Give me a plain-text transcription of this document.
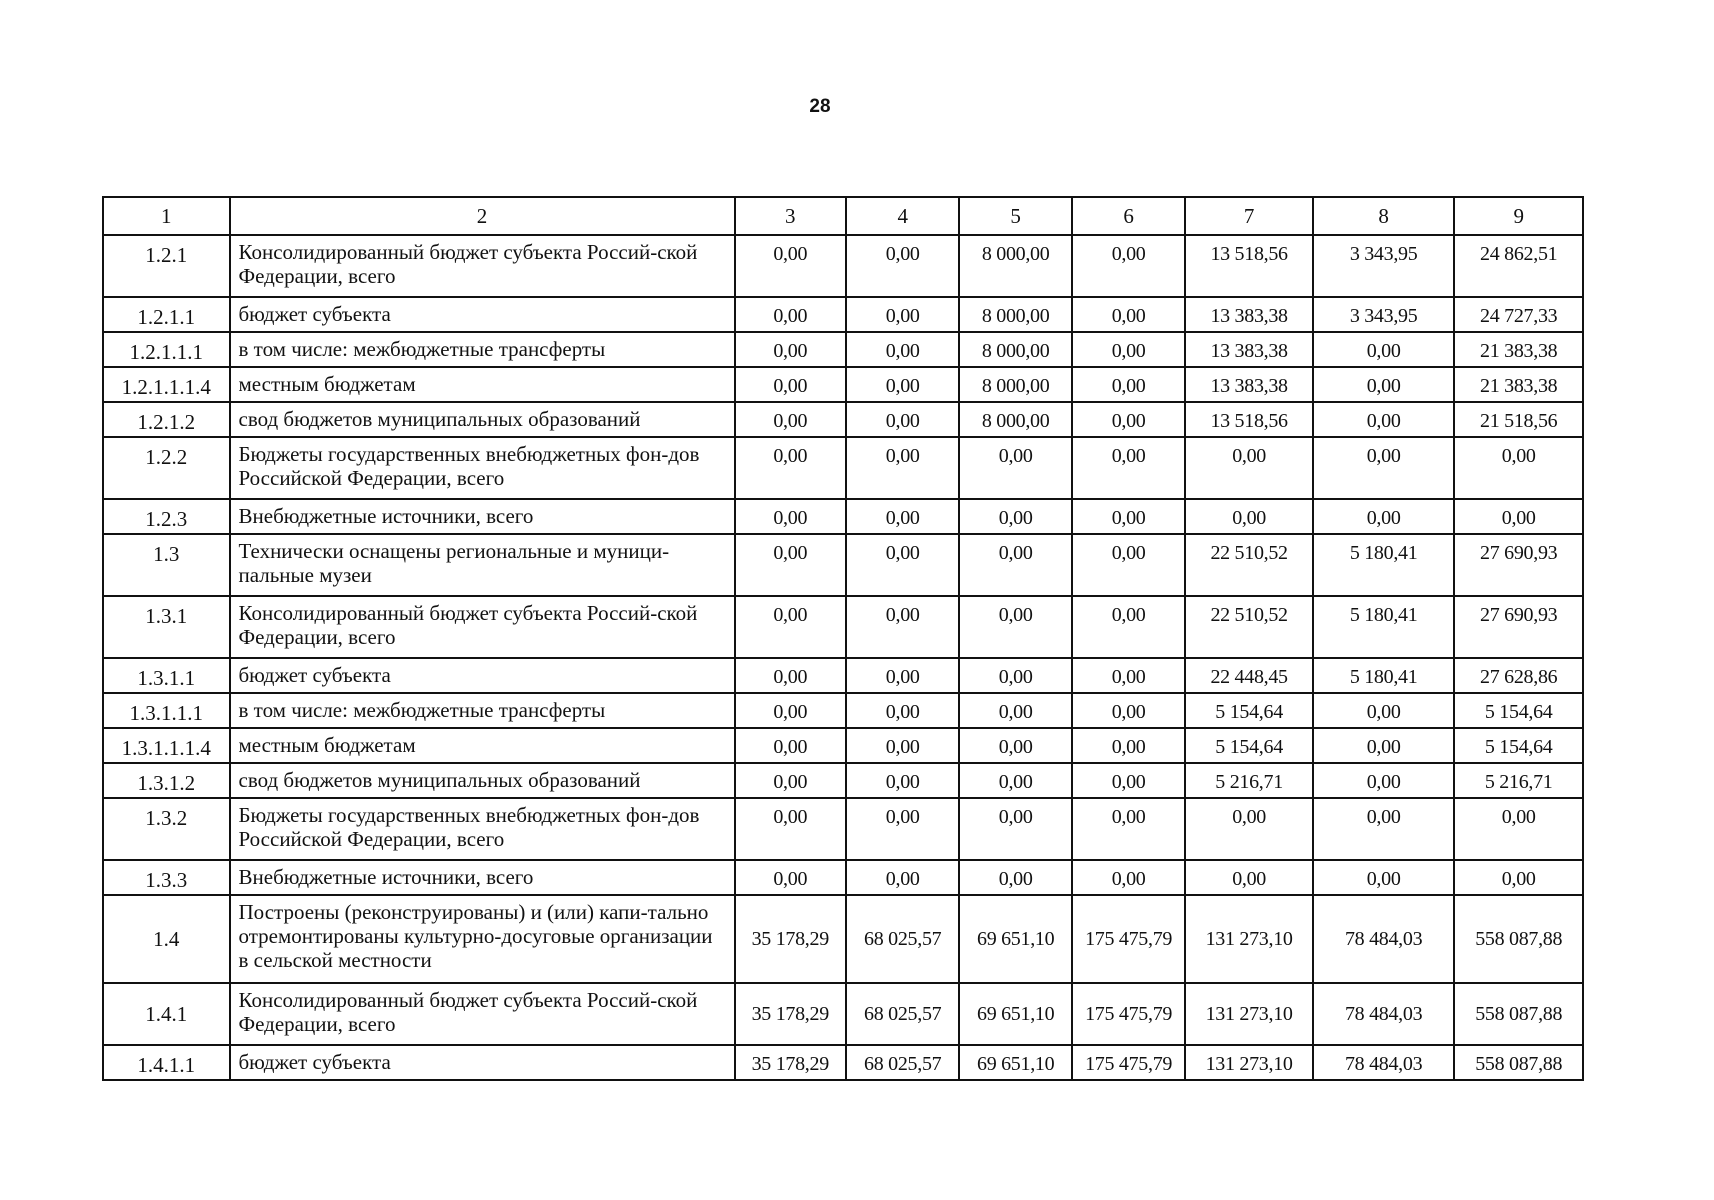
28
1	2	3	4	5	6	7	8	9
1.2.1	Консолидированный бюджет субъекта Россий-ской Федерации, всего	0,00	0,00	8 000,00	0,00	13 518,56	3 343,95	24 862,51
1.2.1.1	бюджет субъекта	0,00	0,00	8 000,00	0,00	13 383,38	3 343,95	24 727,33
1.2.1.1.1	в том числе: межбюджетные трансферты	0,00	0,00	8 000,00	0,00	13 383,38	0,00	21 383,38
1.2.1.1.1.4	местным бюджетам	0,00	0,00	8 000,00	0,00	13 383,38	0,00	21 383,38
1.2.1.2	свод бюджетов муниципальных образований	0,00	0,00	8 000,00	0,00	13 518,56	0,00	21 518,56
1.2.2	Бюджеты государственных внебюджетных фон-дов Российской Федерации, всего	0,00	0,00	0,00	0,00	0,00	0,00	0,00
1.2.3	Внебюджетные источники, всего	0,00	0,00	0,00	0,00	0,00	0,00	0,00
1.3	Технически оснащены региональные и муници-пальные музеи	0,00	0,00	0,00	0,00	22 510,52	5 180,41	27 690,93
1.3.1	Консолидированный бюджет субъекта Россий-ской Федерации, всего	0,00	0,00	0,00	0,00	22 510,52	5 180,41	27 690,93
1.3.1.1	бюджет субъекта	0,00	0,00	0,00	0,00	22 448,45	5 180,41	27 628,86
1.3.1.1.1	в том числе: межбюджетные трансферты	0,00	0,00	0,00	0,00	5 154,64	0,00	5 154,64
1.3.1.1.1.4	местным бюджетам	0,00	0,00	0,00	0,00	5 154,64	0,00	5 154,64
1.3.1.2	свод бюджетов муниципальных образований	0,00	0,00	0,00	0,00	5 216,71	0,00	5 216,71
1.3.2	Бюджеты государственных внебюджетных фон-дов Российской Федерации, всего	0,00	0,00	0,00	0,00	0,00	0,00	0,00
1.3.3	Внебюджетные источники, всего	0,00	0,00	0,00	0,00	0,00	0,00	0,00
1.4	Построены (реконструированы) и (или) капи-тально отремонтированы культурно-досуговые организации в сельской местности	35 178,29	68 025,57	69 651,10	175 475,79	131 273,10	78 484,03	558 087,88
1.4.1	Консолидированный бюджет субъекта Россий-ской Федерации, всего	35 178,29	68 025,57	69 651,10	175 475,79	131 273,10	78 484,03	558 087,88
1.4.1.1	бюджет субъекта	35 178,29	68 025,57	69 651,10	175 475,79	131 273,10	78 484,03	558 087,88
